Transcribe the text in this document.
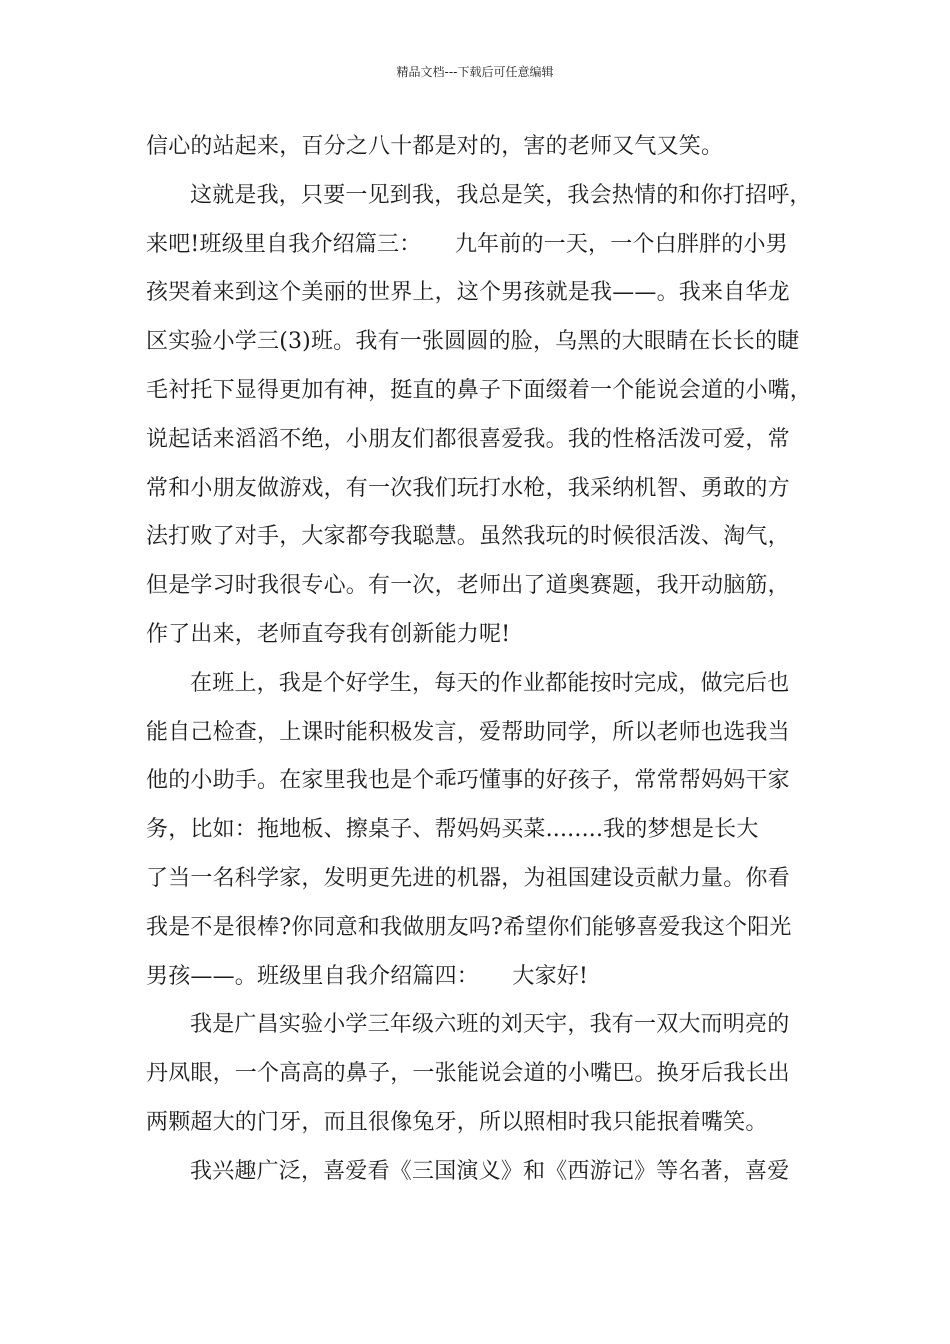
精品文档---下载后可任意编辑
信心的站起来，百分之八十都是对的，害的老师又气又笑。
这就是我，只要一见到我，我总是笑，我会热情的和你打招呼，
来吧!班级里自我介绍篇三：　　九年前的一天，一个白胖胖的小男
孩哭着来到这个美丽的世界上，这个男孩就是我——。我来自华龙
区实验小学三(3)班。我有一张圆圆的脸，乌黑的大眼睛在长长的睫
毛衬托下显得更加有神，挺直的鼻子下面缀着一个能说会道的小嘴，
说起话来滔滔不绝，小朋友们都很喜爱我。我的性格活泼可爱，常
常和小朋友做游戏，有一次我们玩打水枪，我采纳机智、勇敢的方
法打败了对手，大家都夸我聪慧。虽然我玩的时候很活泼、淘气，
但是学习时我很专心。有一次，老师出了道奥赛题，我开动脑筋，
作了出来，老师直夸我有创新能力呢!
在班上，我是个好学生，每天的作业都能按时完成，做完后也
能自己检查，上课时能积极发言，爱帮助同学，所以老师也选我当
他的小助手。在家里我也是个乖巧懂事的好孩子，常常帮妈妈干家
务，比如：拖地板、擦桌子、帮妈妈买菜........我的梦想是长大
了当一名科学家，发明更先进的机器，为祖国建设贡献力量。你看
我是不是很棒?你同意和我做朋友吗?希望你们能够喜爱我这个阳光
男孩——。班级里自我介绍篇四：　　大家好!
我是广昌实验小学三年级六班的刘天宇，我有一双大而明亮的
丹凤眼，一个高高的鼻子，一张能说会道的小嘴巴。换牙后我长出
两颗超大的门牙，而且很像兔牙，所以照相时我只能抿着嘴笑。
我兴趣广泛，喜爱看《三国演义》和《西游记》等名著，喜爱
